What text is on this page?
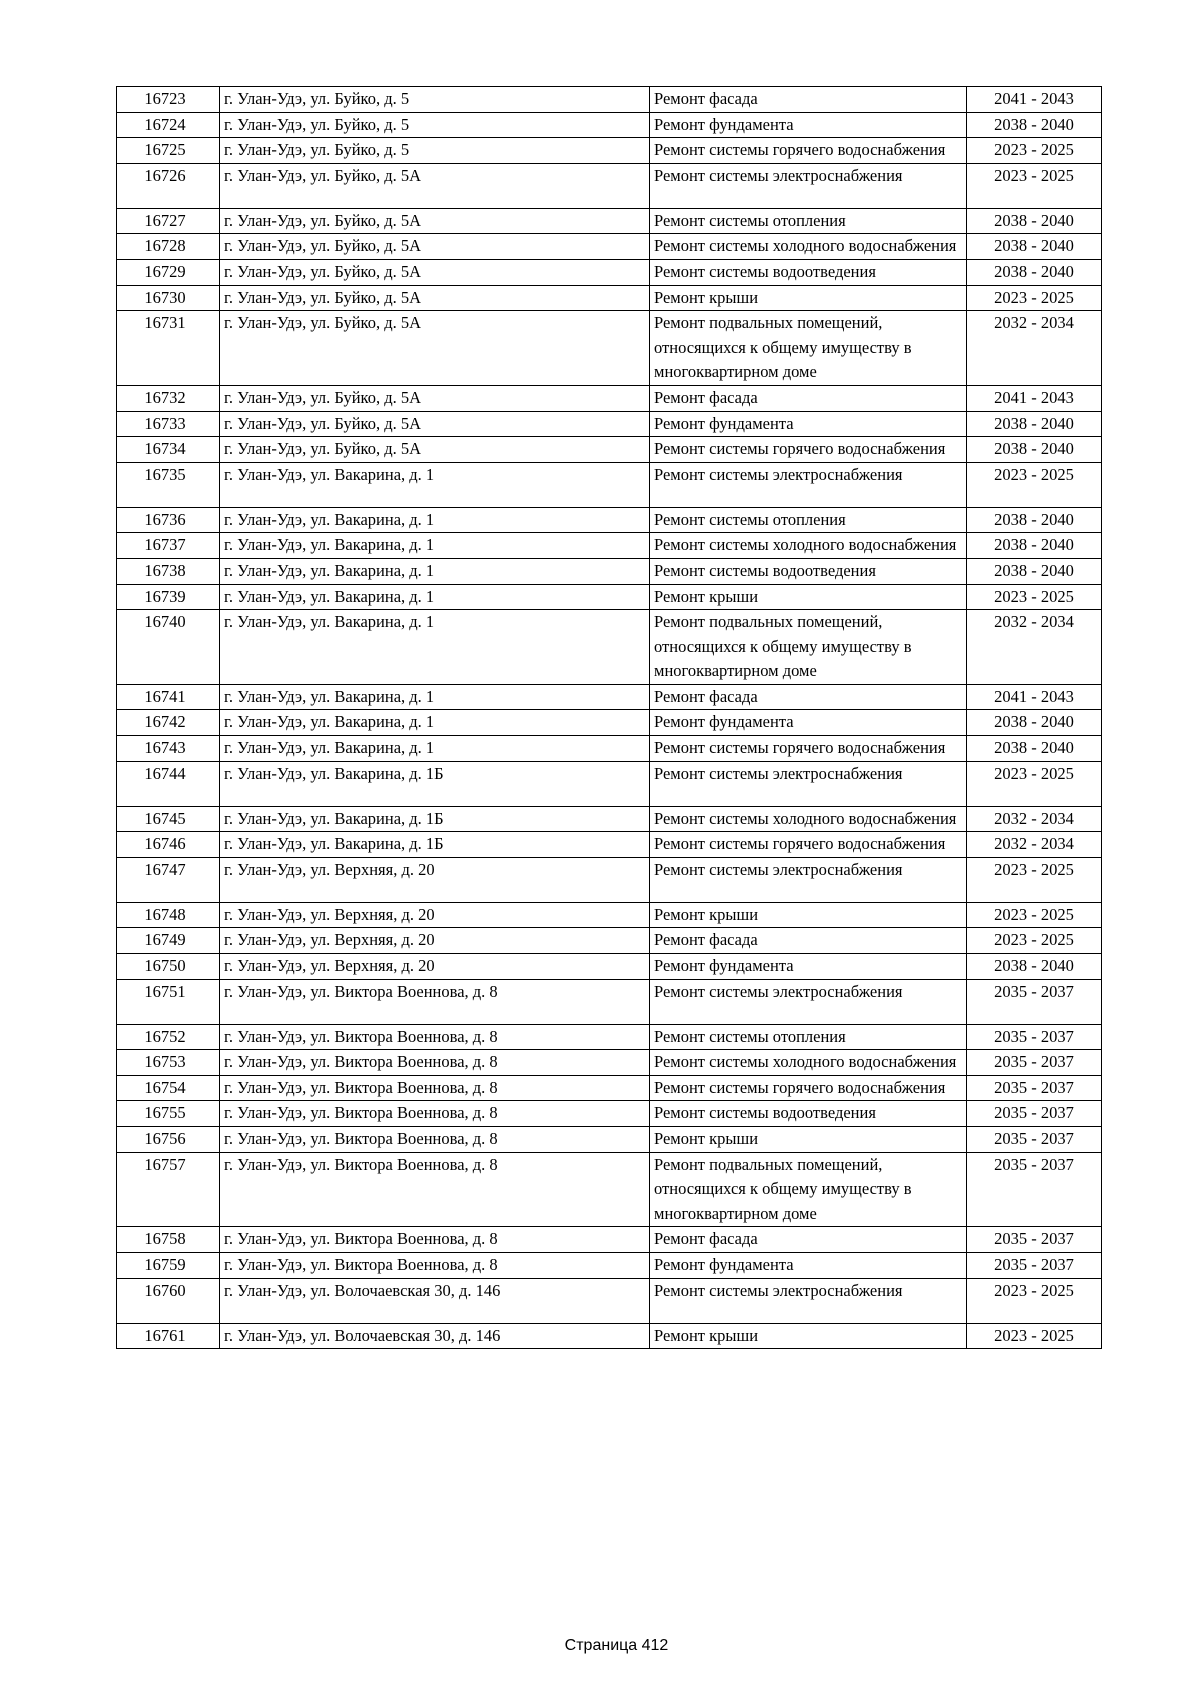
16723	г. Улан-Удэ, ул. Буйко, д. 5	Ремонт фасада	2041 - 2043
16724	г. Улан-Удэ, ул. Буйко, д. 5	Ремонт фундамента	2038 - 2040
16725	г. Улан-Удэ, ул. Буйко, д. 5	Ремонт системы горячего водоснабжения	2023 - 2025
16726	г. Улан-Удэ, ул. Буйко, д. 5А	Ремонт системы электроснабжения	2023 - 2025
16727	г. Улан-Удэ, ул. Буйко, д. 5А	Ремонт системы отопления	2038 - 2040
16728	г. Улан-Удэ, ул. Буйко, д. 5А	Ремонт системы холодного водоснабжения	2038 - 2040
16729	г. Улан-Удэ, ул. Буйко, д. 5А	Ремонт системы водоотведения	2038 - 2040
16730	г. Улан-Удэ, ул. Буйко, д. 5А	Ремонт крыши	2023 - 2025
16731	г. Улан-Удэ, ул. Буйко, д. 5А	Ремонт подвальных помещений, относящихся к общему имуществу в многоквартирном доме	2032 - 2034
16732	г. Улан-Удэ, ул. Буйко, д. 5А	Ремонт фасада	2041 - 2043
16733	г. Улан-Удэ, ул. Буйко, д. 5А	Ремонт фундамента	2038 - 2040
16734	г. Улан-Удэ, ул. Буйко, д. 5А	Ремонт системы горячего водоснабжения	2038 - 2040
16735	г. Улан-Удэ, ул. Вакарина, д. 1	Ремонт системы электроснабжения	2023 - 2025
16736	г. Улан-Удэ, ул. Вакарина, д. 1	Ремонт системы отопления	2038 - 2040
16737	г. Улан-Удэ, ул. Вакарина, д. 1	Ремонт системы холодного водоснабжения	2038 - 2040
16738	г. Улан-Удэ, ул. Вакарина, д. 1	Ремонт системы водоотведения	2038 - 2040
16739	г. Улан-Удэ, ул. Вакарина, д. 1	Ремонт крыши	2023 - 2025
16740	г. Улан-Удэ, ул. Вакарина, д. 1	Ремонт подвальных помещений, относящихся к общему имуществу в многоквартирном доме	2032 - 2034
16741	г. Улан-Удэ, ул. Вакарина, д. 1	Ремонт фасада	2041 - 2043
16742	г. Улан-Удэ, ул. Вакарина, д. 1	Ремонт фундамента	2038 - 2040
16743	г. Улан-Удэ, ул. Вакарина, д. 1	Ремонт системы горячего водоснабжения	2038 - 2040
16744	г. Улан-Удэ, ул. Вакарина, д. 1Б	Ремонт системы электроснабжения	2023 - 2025
16745	г. Улан-Удэ, ул. Вакарина, д. 1Б	Ремонт системы холодного водоснабжения	2032 - 2034
16746	г. Улан-Удэ, ул. Вакарина, д. 1Б	Ремонт системы горячего водоснабжения	2032 - 2034
16747	г. Улан-Удэ, ул. Верхняя, д. 20	Ремонт системы электроснабжения	2023 - 2025
16748	г. Улан-Удэ, ул. Верхняя, д. 20	Ремонт крыши	2023 - 2025
16749	г. Улан-Удэ, ул. Верхняя, д. 20	Ремонт фасада	2023 - 2025
16750	г. Улан-Удэ, ул. Верхняя, д. 20	Ремонт фундамента	2038 - 2040
16751	г. Улан-Удэ, ул. Виктора Военнова, д. 8	Ремонт системы электроснабжения	2035 - 2037
16752	г. Улан-Удэ, ул. Виктора Военнова, д. 8	Ремонт системы отопления	2035 - 2037
16753	г. Улан-Удэ, ул. Виктора Военнова, д. 8	Ремонт системы холодного водоснабжения	2035 - 2037
16754	г. Улан-Удэ, ул. Виктора Военнова, д. 8	Ремонт системы горячего водоснабжения	2035 - 2037
16755	г. Улан-Удэ, ул. Виктора Военнова, д. 8	Ремонт системы водоотведения	2035 - 2037
16756	г. Улан-Удэ, ул. Виктора Военнова, д. 8	Ремонт крыши	2035 - 2037
16757	г. Улан-Удэ, ул. Виктора Военнова, д. 8	Ремонт подвальных помещений, относящихся к общему имуществу в многоквартирном доме	2035 - 2037
16758	г. Улан-Удэ, ул. Виктора Военнова, д. 8	Ремонт фасада	2035 - 2037
16759	г. Улан-Удэ, ул. Виктора Военнова, д. 8	Ремонт фундамента	2035 - 2037
16760	г. Улан-Удэ, ул. Волочаевская 30, д. 146	Ремонт системы электроснабжения	2023 - 2025
16761	г. Улан-Удэ, ул. Волочаевская 30, д. 146	Ремонт крыши	2023 - 2025
Страница 412
